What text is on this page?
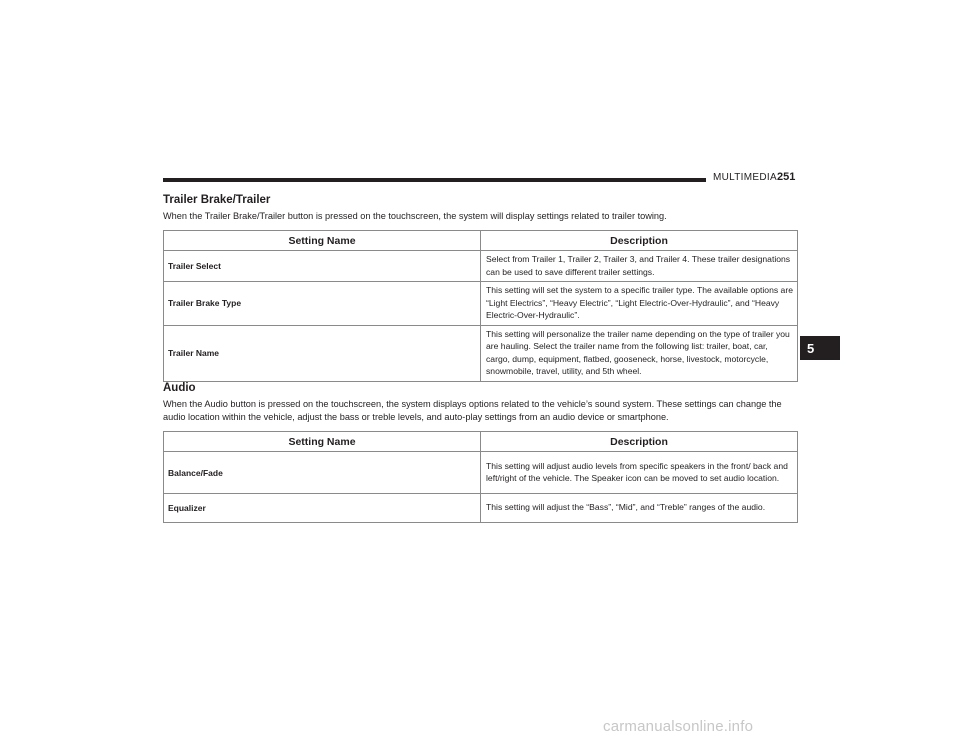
MULTIMEDIA 251
5
Trailer Brake/Trailer

When the Trailer Brake/Trailer button is pressed on the touchscreen, the system will display settings related to trailer towing.

Setting Name	Description
Trailer Select	Select from Trailer 1, Trailer 2, Trailer 3, and Trailer 4. These trailer designations can be used to save different trailer settings.
Trailer Brake Type	This setting will set the system to a specific trailer type. The available options are “Light Electrics”, “Heavy Electric”, “Light Electric-Over-Hydraulic”, and “Heavy Electric-Over-Hydraulic”.
Trailer Name	This setting will personalize the trailer name depending on the type of trailer you are hauling. Select the trailer name from the following list: trailer, boat, car, cargo, dump, equipment, flatbed, gooseneck, horse, livestock, motorcycle, snowmobile, travel, utility, and 5th wheel.
Audio

When the Audio button is pressed on the touchscreen, the system displays options related to the vehicle’s sound system. These settings can change the audio location within the vehicle, adjust the bass or treble levels, and auto-play settings from an audio device or smartphone.

Setting Name	Description
Balance/Fade	This setting will adjust audio levels from specific speakers in the front/ back and left/right of the vehicle. The Speaker icon can be moved to set audio location.
Equalizer	This setting will adjust the “Bass”, “Mid”, and “Treble” ranges of the audio.
carmanualsonline.info
